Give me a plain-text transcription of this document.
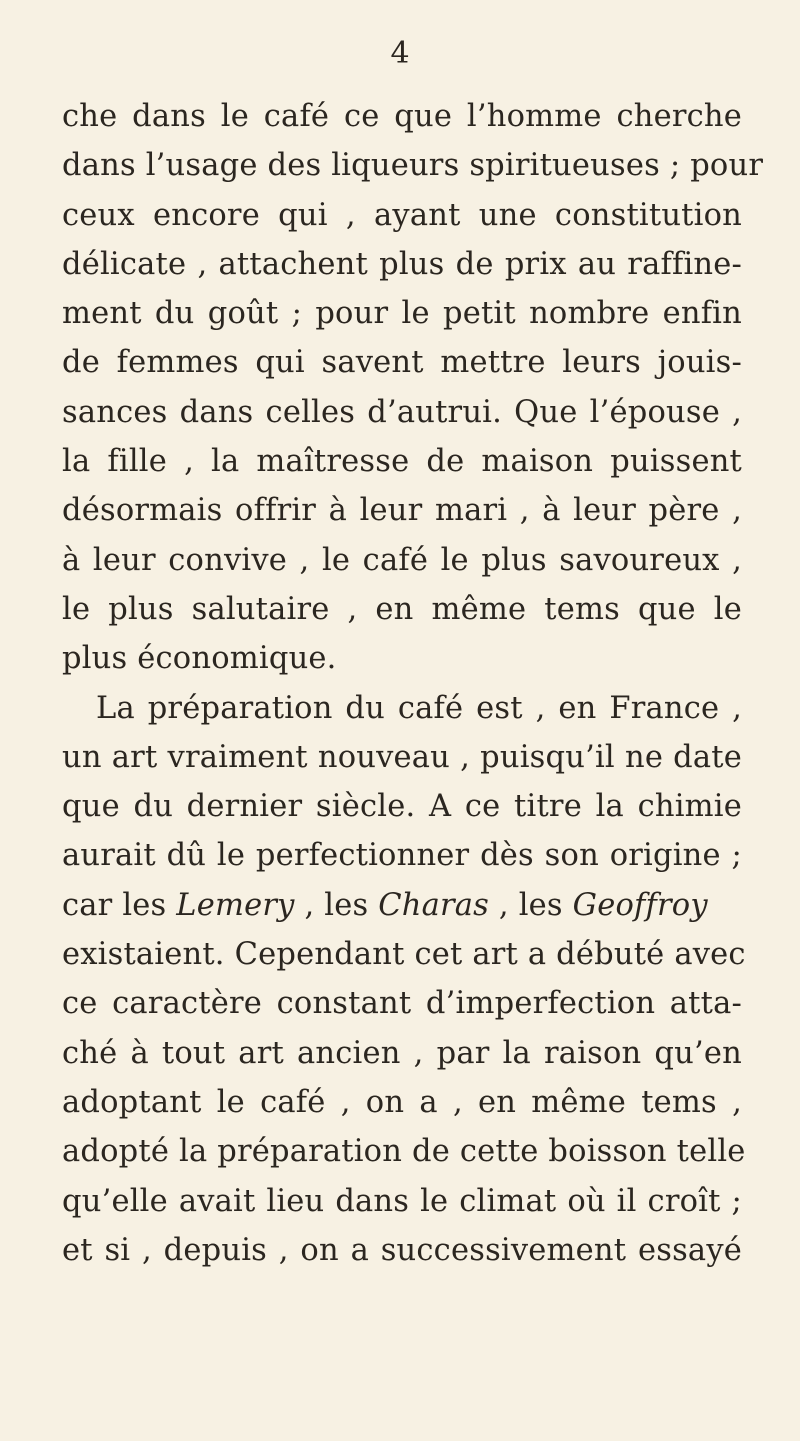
4
che dans le café ce que l’homme cherche
dans l’usage des liqueurs spiritueuses ; pour
ceux encore qui , ayant une constitution
délicate , attachent plus de prix au raffine-
ment du goût ; pour le petit nombre enfin
de femmes qui savent mettre leurs jouis-
sances dans celles d’autrui. Que l’épouse ,
la fille , la maîtresse de maison puissent
désormais offrir à leur mari , à leur père ,
à leur convive , le café le plus savoureux ,
le plus salutaire , en même tems que le
plus économique.
La préparation du café est , en France ,
un art vraiment nouveau , puisqu’il ne date
que du dernier siècle. A ce titre la chimie
aurait dû le perfectionner dès son origine ;
car les Lemery , les Charas , les Geoffroy
existaient. Cependant cet art a débuté avec
ce caractère constant d’imperfection atta-
ché à tout art ancien , par la raison qu’en
adoptant le café , on a , en même tems ,
adopté la préparation de cette boisson telle
qu’elle avait lieu dans le climat où il croît ;
et si , depuis , on a successivement essayé
